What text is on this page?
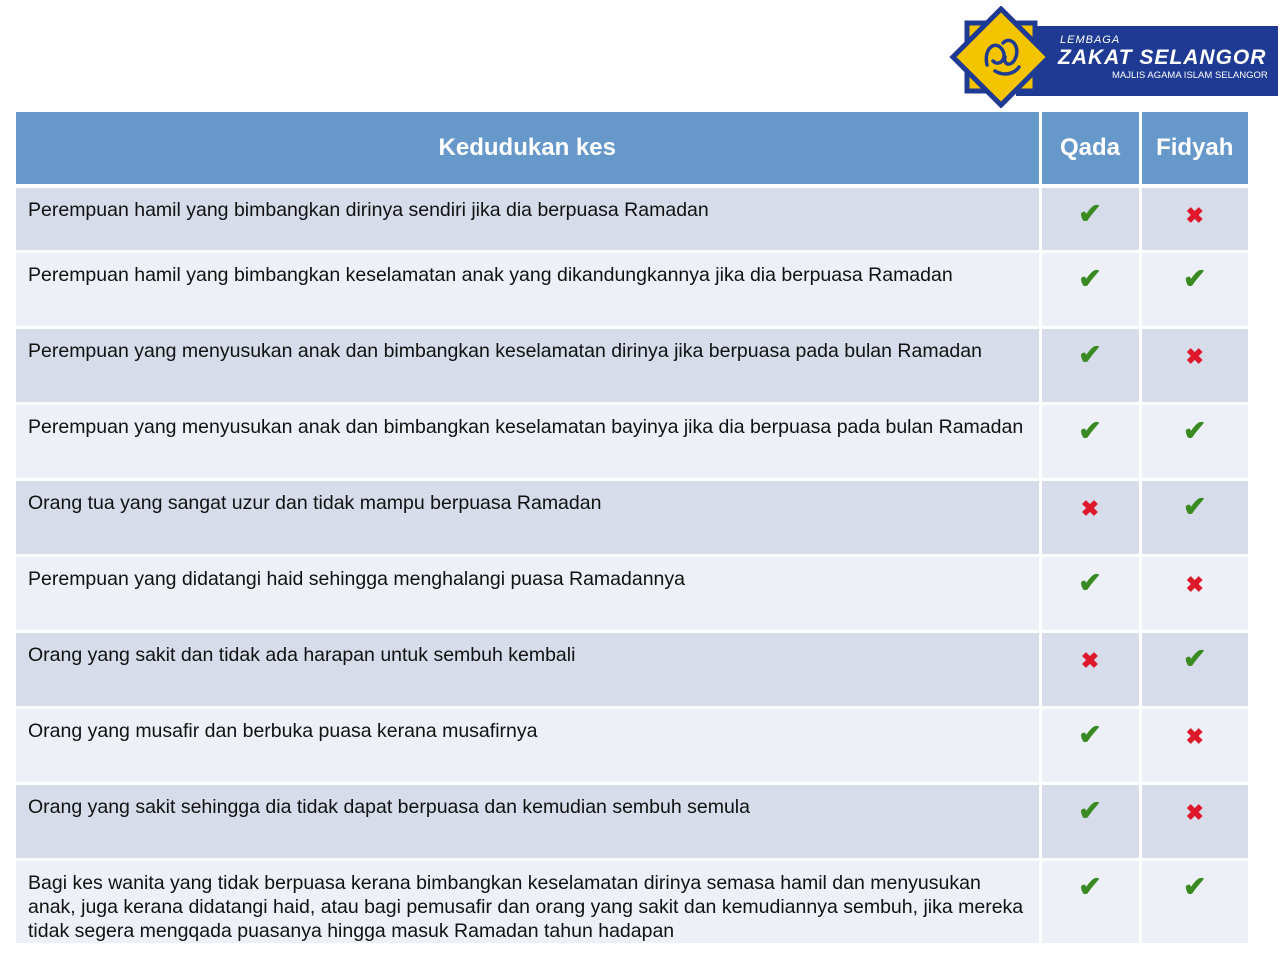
LEMBAGA
ZAKAT SELANGOR
MAJLIS AGAMA ISLAM SELANGOR
Kedudukan kes	Qada	Fidyah

Perempuan hamil yang bimbangkan dirinya sendiri jika dia berpuasa Ramadan	✔	✖

Perempuan hamil yang bimbangkan keselamatan anak yang dikandungkannya jika dia berpuasa Ramadan	✔	✔

Perempuan yang menyusukan anak dan bimbangkan keselamatan dirinya jika berpuasa pada bulan Ramadan	✔	✖

Perempuan yang menyusukan anak dan bimbangkan keselamatan bayinya jika dia berpuasa pada bulan Ramadan	✔	✔

Orang tua yang sangat uzur dan tidak mampu berpuasa Ramadan	✖	✔

Perempuan yang didatangi haid sehingga menghalangi puasa Ramadannya	✔	✖

Orang yang sakit dan tidak ada harapan untuk sembuh kembali	✖	✔

Orang yang musafir dan berbuka puasa kerana musafirnya	✔	✖

Orang yang sakit sehingga dia tidak dapat berpuasa dan kemudian sembuh semula	✔	✖

Bagi kes wanita yang tidak berpuasa kerana bimbangkan keselamatan dirinya semasa hamil dan menyusukan anak, juga kerana didatangi haid, atau bagi pemusafir dan orang yang sakit dan kemudiannya sembuh, jika mereka tidak segera mengqada puasanya hingga masuk Ramadan tahun hadapan	✔	✔
